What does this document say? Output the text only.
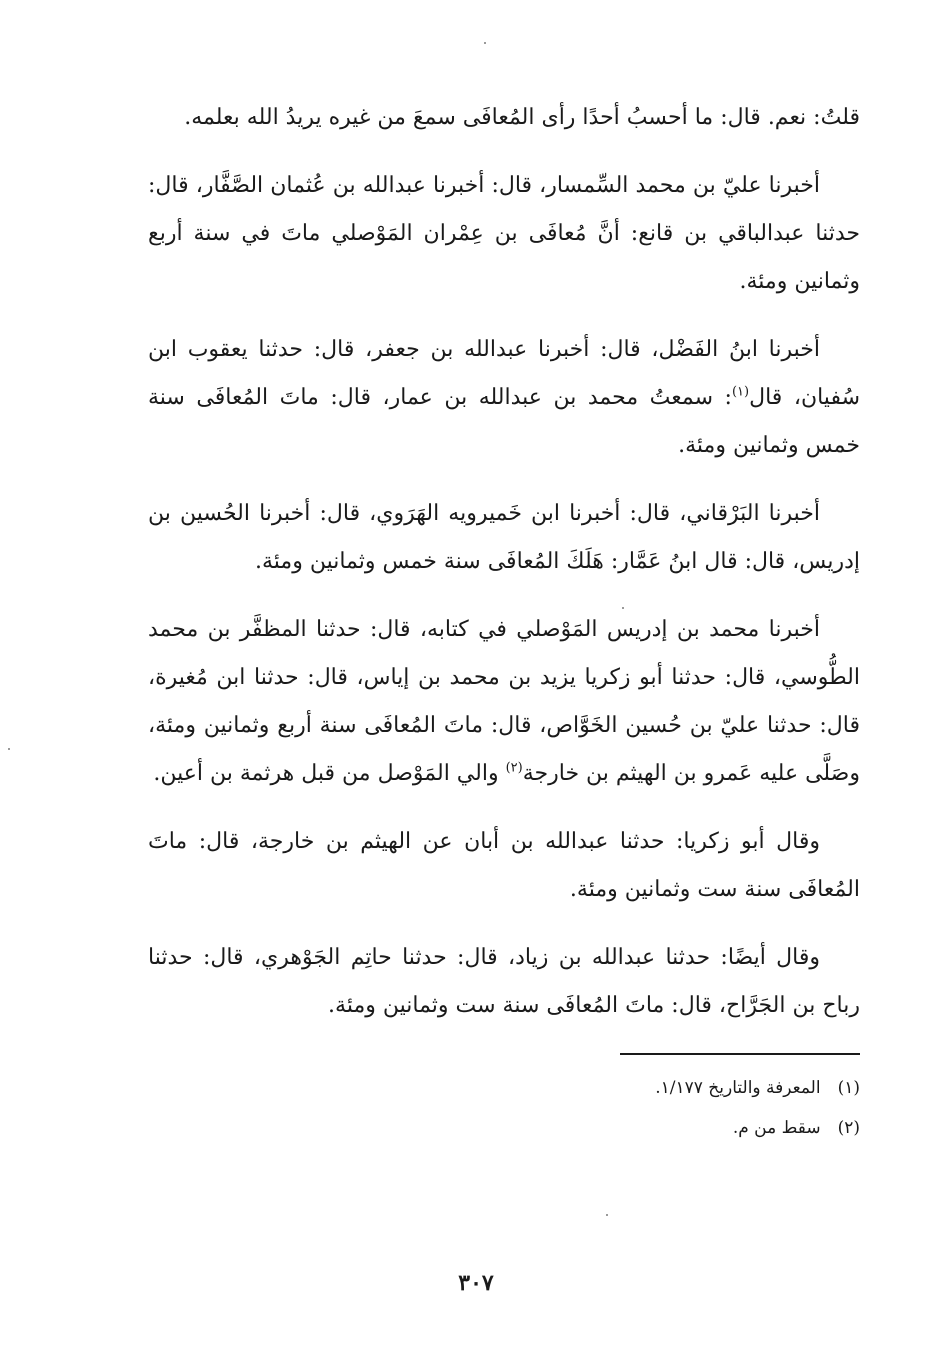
قلتُ: نعم. قال: ما أحسبُ أحدًا رأى المُعافَى سمعَ من غيره يريدُ الله بعلمه.

أخبرنا عليّ بن محمد السِّمسار، قال: أخبرنا عبدالله بن عُثمان الصَّفَّار، قال: حدثنا عبدالباقي بن قانع: أنَّ مُعافَى بن عِمْران المَوْصلي ماتَ في سنة أربع وثمانين ومئة.

أخبرنا ابنُ الفَضْل، قال: أخبرنا عبدالله بن جعفر، قال: حدثنا يعقوب ابن سُفيان، قال$^{(١)}$: سمعتُ محمد بن عبدالله بن عمار، قال: ماتَ المُعافَى سنة خمس وثمانين ومئة.

أخبرنا البَرْقاني، قال: أخبرنا ابن خَميرويه الهَرَوي، قال: أخبرنا الحُسين بن إدريس، قال: قال ابنُ عَمَّار: هَلَكَ المُعافَى سنة خمس وثمانين ومئة.

أخبرنا محمد بن إدريس المَوْصلي في كتابه، قال: حدثنا المظفَّر بن محمد الطُّوسي، قال: حدثنا أبو زكريا يزيد بن محمد بن إياس، قال: حدثنا ابن مُغيرة، قال: حدثنا عليّ بن حُسين الخَوَّاص، قال: ماتَ المُعافَى سنة أربع وثمانين ومئة، وصَلَّى عليه عَمرو بن الهيثم بن خارجة$^{(٢)}$ والي المَوْصل من قبل هرثمة بن أعين.

وقال أبو زكريا: حدثنا عبدالله بن أبان عن الهيثم بن خارجة، قال: ماتَ المُعافَى سنة ست وثمانين ومئة.

وقال أيضًا: حدثنا عبدالله بن زياد، قال: حدثنا حاتِم الجَوْهري، قال: حدثنا رباح بن الجَرَّاح، قال: ماتَ المُعافَى سنة ست وثمانين ومئة.

(١) المعرفة والتاريخ ١/١٧٧.

(٢) سقط من م.

٣٠٧
